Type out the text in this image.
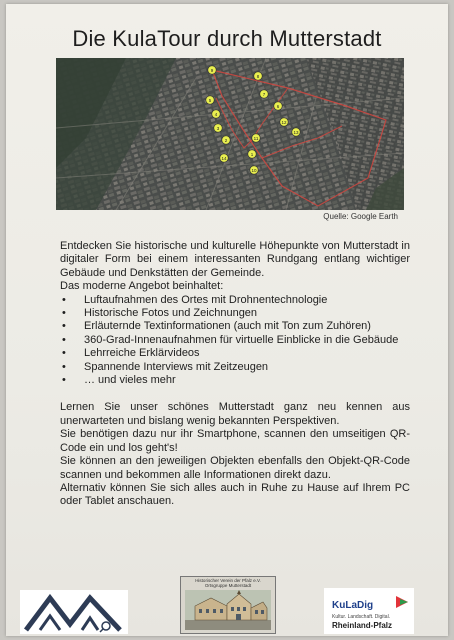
Die KulaTour durch Mutterstadt
9
8
7
6
5
4
3
2
1
10
11
12
13
14
Quelle: Google Earth

Entdecken Sie historische und kulturelle Höhepunkte von Mutterstadt in digitaler Form bei einem interessanten Rundgang entlang wichtiger Gebäude und Denkstätten der Gemeinde.

Das moderne Angebot beinhaltet:

• Luftaufnahmen des Ortes mit Drohnentechnologie
• Historische Fotos und Zeichnungen
• Erläuternde Textinformationen (auch mit Ton zum Zuhören)
• 360-Grad-Innenaufnahmen für virtuelle Einblicke in die Gebäude
• Lehrreiche Erklärvideos
• Spannende Interviews mit Zeitzeugen
• … und vieles mehr

Lernen Sie unser schönes Mutterstadt ganz neu kennen aus unerwarteten und bislang wenig bekannten Perspektiven.

Sie benötigen dazu nur ihr Smartphone, scannen den umseitigen QR-Code ein und los geht's!

Sie können an den jeweiligen Objekten ebenfalls den Objekt-QR-Code scannen und bekommen alle Informationen direkt dazu.

Alternativ können Sie sich alles auch in Ruhe zu Hause auf Ihrem PC oder Tablet anschauen.

Historischer Verein der Pfalz e.V.
Ortsgruppe Mutterstadt
KuLaDig
Kultur. Landschaft. Digital.
Rheinland-Pfalz
